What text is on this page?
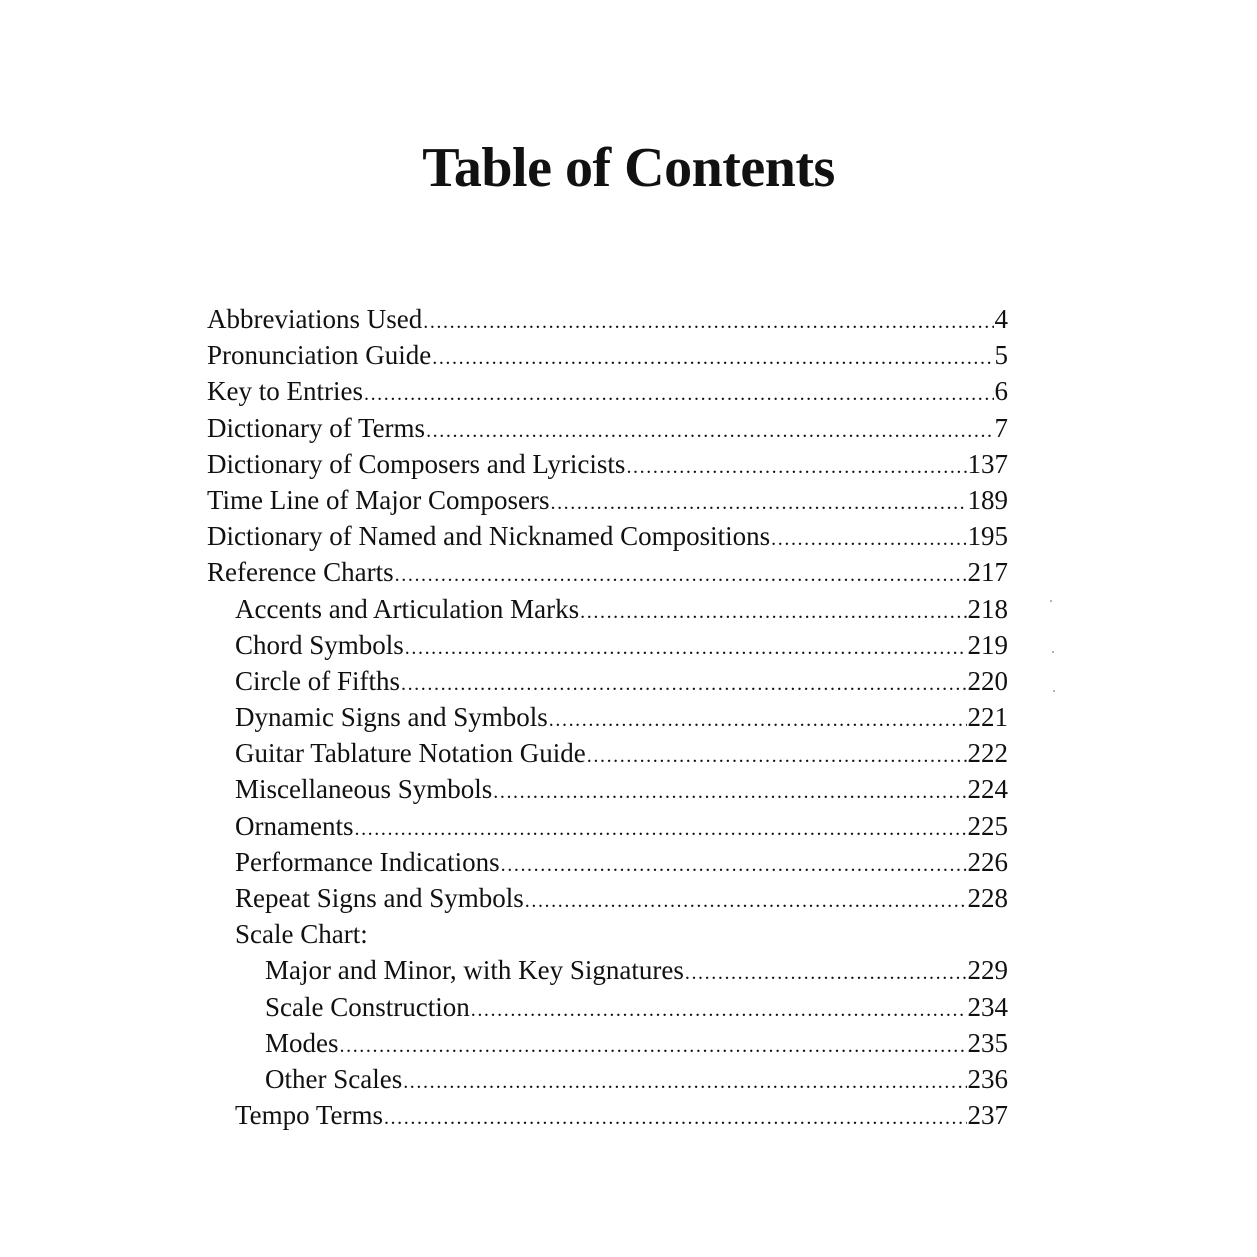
Table of Contents
Abbreviations Used .....	4
Pronunciation Guide .....	5
Key to Entries .....	6
Dictionary of Terms .....	7
Dictionary of Composers and Lyricists .....	137
Time Line of Major Composers .....	189
Dictionary of Named and Nicknamed Compositions .....	195
Reference Charts .....	217
Accents and Articulation Marks .....	218
Chord Symbols .....	219
Circle of Fifths .....	220
Dynamic Signs and Symbols .....	221
Guitar Tablature Notation Guide .....	222
Miscellaneous Symbols .....	224
Ornaments .....	225
Performance Indications .....	226
Repeat Signs and Symbols .....	228
Scale Chart:
Major and Minor, with Key Signatures .....	229
Scale Construction .....	234
Modes .....	235
Other Scales .....	236
Tempo Terms .....	237
